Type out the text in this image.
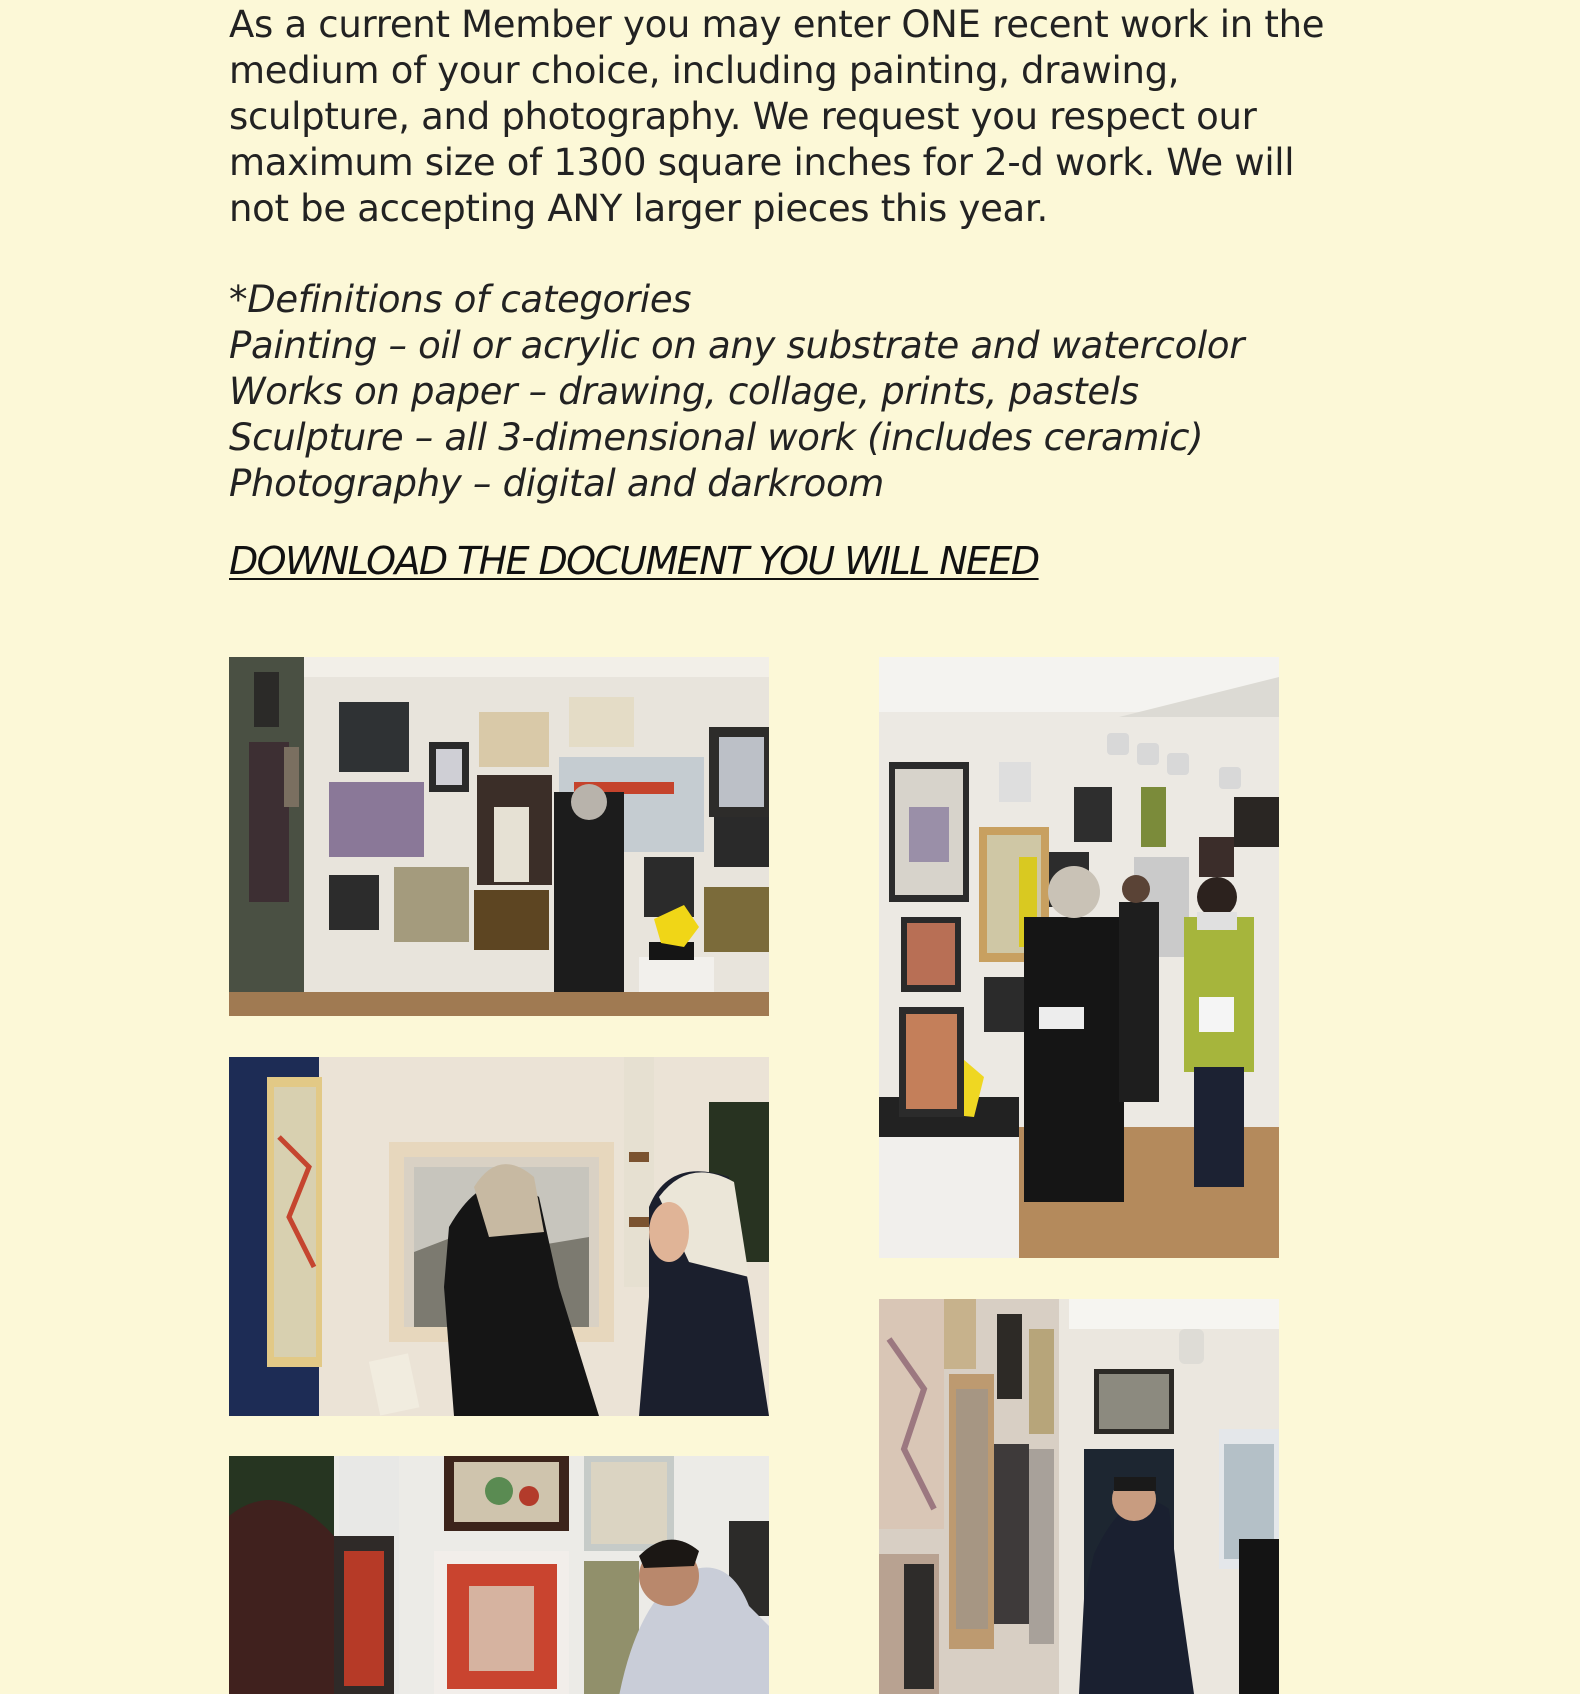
As a current Member you may enter ONE recent work in the medium of your choice, including painting, drawing, sculpture, and photography. We request you respect our maximum size of 1300 square inches for 2-d work. We will not be accepting ANY larger pieces this year.

*Definitions of categories
Painting – oil or acrylic on any substrate and watercolor
Works on paper – drawing, collage, prints, pastels
Sculpture – all 3-dimensional work (includes ceramic)
Photography – digital and darkroom
DOWNLOAD THE DOCUMENT YOU WILL NEED
